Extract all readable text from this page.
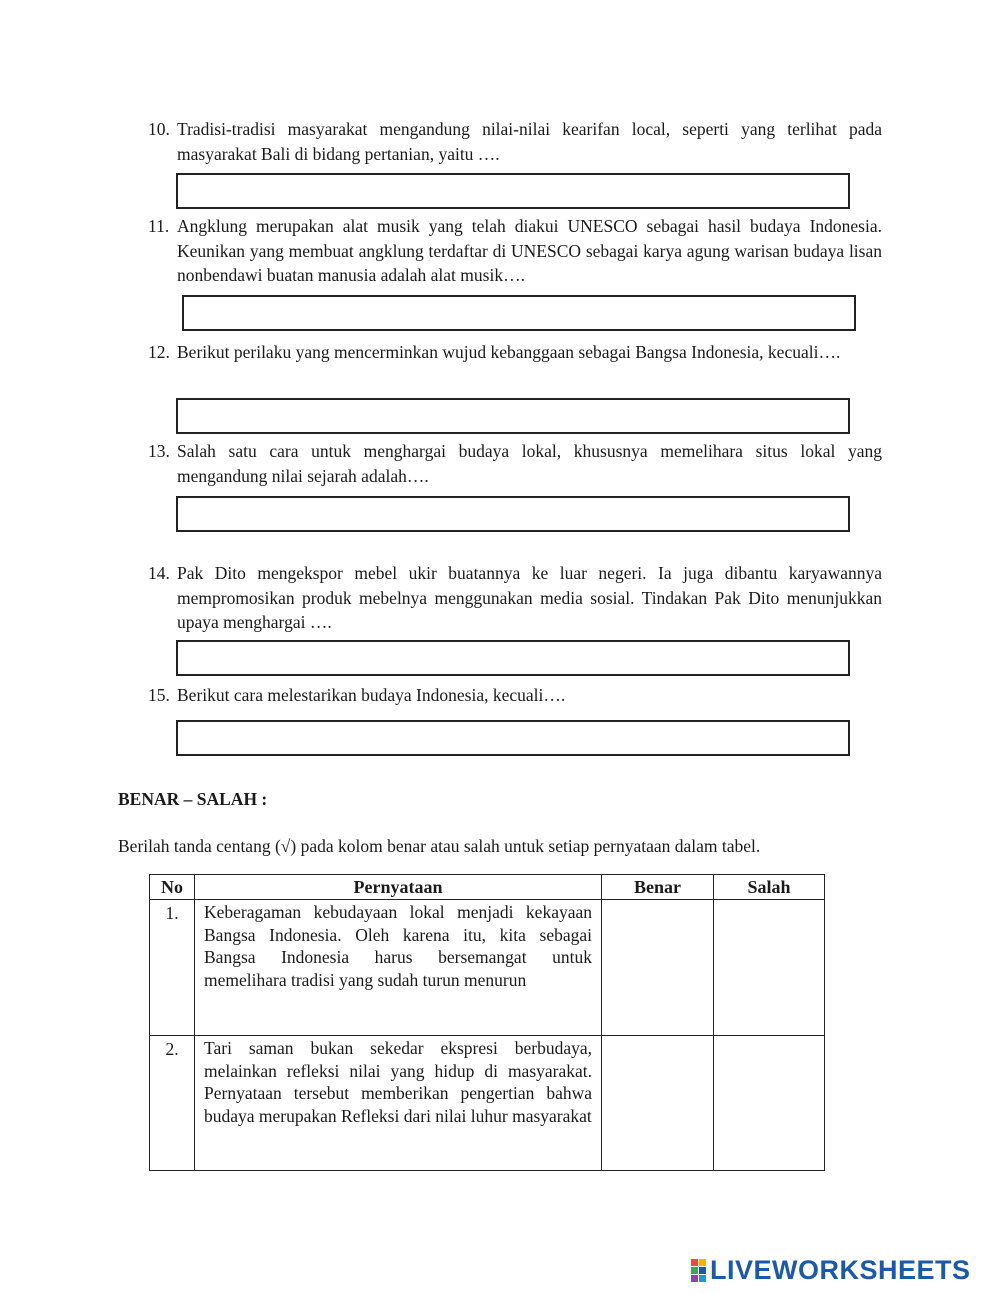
10. Tradisi-tradisi masyarakat mengandung nilai-nilai kearifan local, seperti yang terlihat pada masyarakat Bali di bidang pertanian, yaitu ….
11. Angklung merupakan alat musik yang telah diakui UNESCO sebagai hasil budaya Indonesia. Keunikan yang membuat angklung terdaftar di UNESCO sebagai karya agung warisan budaya lisan nonbendawi buatan manusia adalah alat musik….
12. Berikut perilaku yang mencerminkan wujud kebanggaan sebagai Bangsa Indonesia, kecuali….
13. Salah satu cara untuk menghargai budaya lokal, khususnya memelihara situs lokal yang mengandung nilai sejarah adalah….
14. Pak Dito mengekspor mebel ukir buatannya ke luar negeri. Ia juga dibantu karyawannya mempromosikan produk mebelnya menggunakan media sosial. Tindakan Pak Dito menunjukkan upaya menghargai ….
15. Berikut cara melestarikan budaya Indonesia, kecuali….
BENAR – SALAH :
Berilah tanda centang (√) pada kolom benar atau salah untuk setiap pernyataan dalam tabel.
No	Pernyataan	Benar	Salah
1.	Keberagaman kebudayaan lokal menjadi kekayaan Bangsa Indonesia. Oleh karena itu, kita sebagai Bangsa Indonesia harus bersemangat untuk memelihara tradisi yang sudah turun menurun		
2.	Tari saman bukan sekedar ekspresi berbudaya, melainkan refleksi nilai yang hidup di masyarakat. Pernyataan tersebut memberikan pengertian bahwa budaya merupakan Refleksi dari nilai luhur masyarakat		
LIVEWORKSHEETS
